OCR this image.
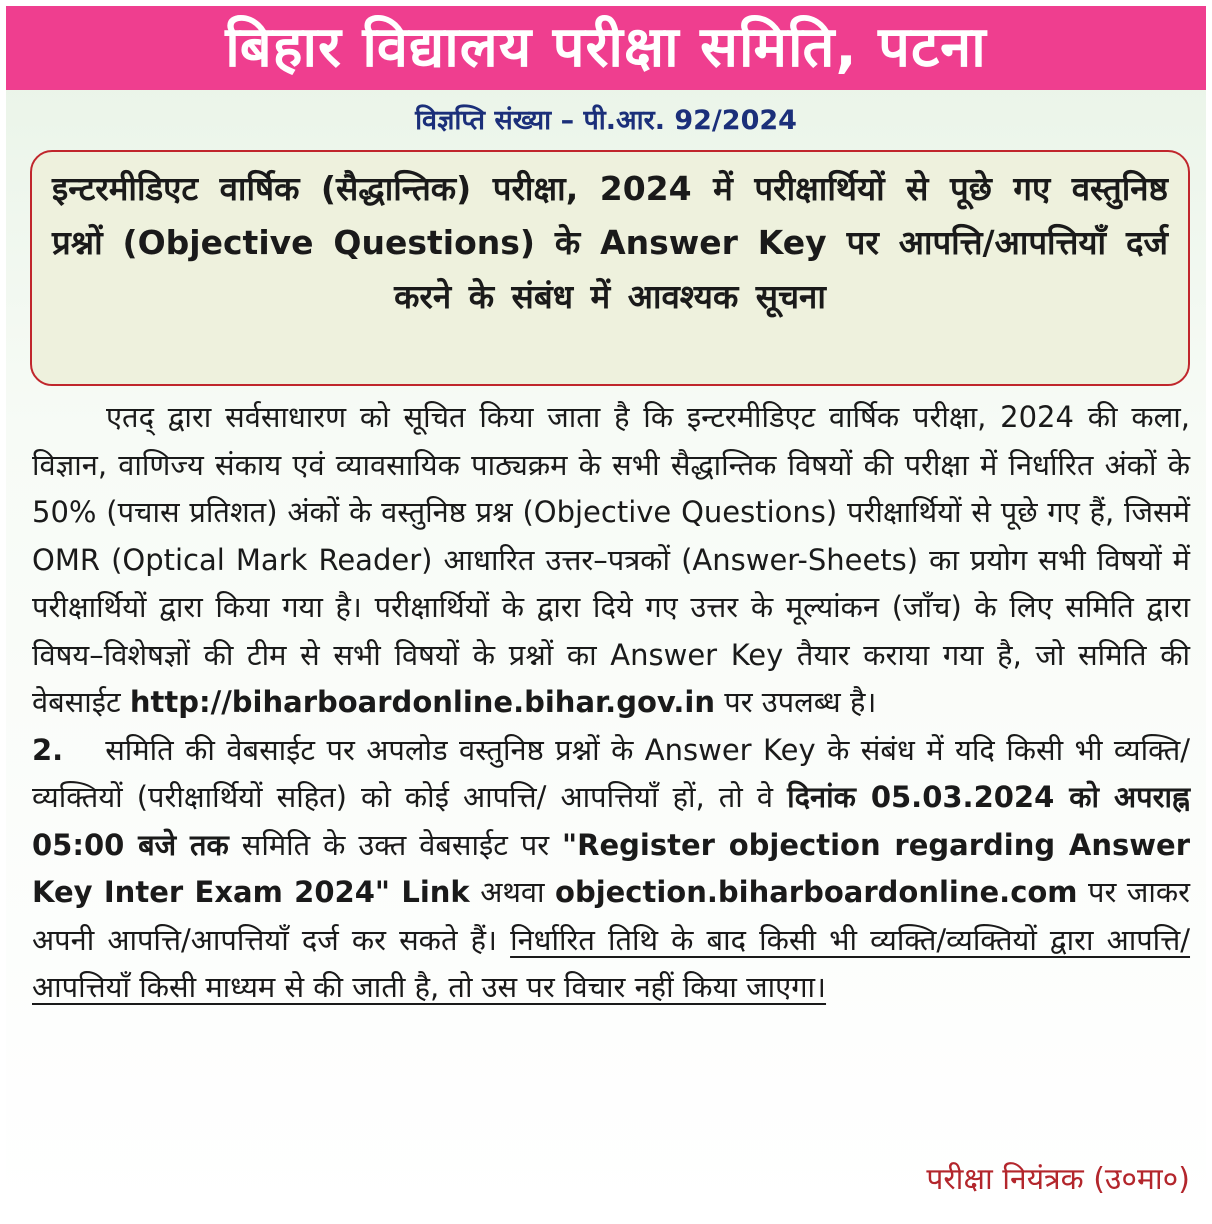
बिहार विद्यालय परीक्षा समिति, पटना
विज्ञप्ति संख्या – पी.आर. 92/2024
इन्टरमीडिएट वार्षिक (सैद्धान्तिक) परीक्षा, 2024 में परीक्षार्थियों से पूछे गए वस्तुनिष्ठ प्रश्नों (Objective Questions) के Answer Key पर आपत्ति/आपत्तियाँ दर्ज करने के संबंध में आवश्यक सूचना

एतद् द्वारा सर्वसाधारण को सूचित किया जाता है कि इन्टरमीडिएट वार्षिक परीक्षा, 2024 की कला, विज्ञान, वाणिज्य संकाय एवं व्यावसायिक पाठ्यक्रम के सभी सैद्धान्तिक विषयों की परीक्षा में निर्धारित अंकों के 50% (पचास प्रतिशत) अंकों के वस्तुनिष्ठ प्रश्न (Objective Questions) परीक्षार्थियों से पूछे गए हैं, जिसमें OMR (Optical Mark Reader) आधारित उत्तर–पत्रकों (Answer-Sheets) का प्रयोग सभी विषयों में परीक्षार्थियों द्वारा किया गया है। परीक्षार्थियों के द्वारा दिये गए उत्तर के मूल्यांकन (जाँच) के लिए समिति द्वारा विषय–विशेषज्ञों की टीम से सभी विषयों के प्रश्नों का Answer Key तैयार कराया गया है, जो समिति की वेबसाईट http://biharboardonline.bihar.gov.in पर उपलब्ध है।

2. समिति की वेबसाईट पर अपलोड वस्तुनिष्ठ प्रश्नों के Answer Key के संबंध में यदि किसी भी व्यक्ति/व्यक्तियों (परीक्षार्थियों सहित) को कोई आपत्ति/ आपत्तियाँ हों, तो वे दिनांक 05.03.2024 को अपराह्न 05:00 बजे तक समिति के उक्त वेबसाईट पर "Register objection regarding Answer Key Inter Exam 2024" Link अथवा objection.biharboardonline.com पर जाकर अपनी आपत्ति/आपत्तियाँ दर्ज कर सकते हैं। निर्धारित तिथि के बाद किसी भी व्यक्ति/व्यक्तियों द्वारा आपत्ति/आपत्तियाँ किसी माध्यम से की जाती है, तो उस पर विचार नहीं किया जाएगा।

परीक्षा नियंत्रक (उ०मा०)
